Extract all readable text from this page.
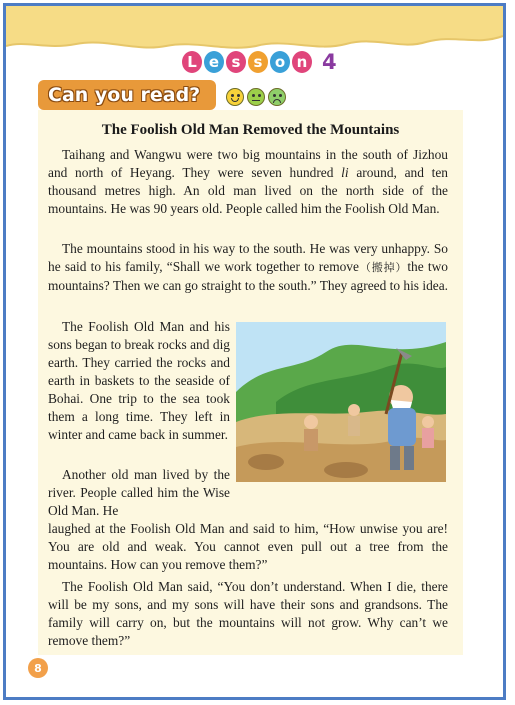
L e s s o n 4
Can you read?
The Foolish Old Man Removed the Mountains

Taihang and Wangwu were two big mountains in the south of Jizhou and north of Heyang. They were seven hundred li around, and ten thousand metres high. An old man lived on the north side of the mountains. He was 90 years old. People called him the Foolish Old Man.

The mountains stood in his way to the south. He was very unhappy. So he said to his family, “Shall we work together to remove（搬掉）the two mountains? Then we can go straight to the south.” They agreed to his idea.

The Foolish Old Man and his sons began to break rocks and dig earth. They carried the rocks and earth in baskets to the seaside of Bohai. One trip to the sea took them a long time. They left in winter and came back in summer.

Another old man lived by the river. People called him the Wise Old Man. He

laughed at the Foolish Old Man and said to him, “How unwise you are! You are old and weak. You cannot even pull out a tree from the mountains. How can you remove them?”

The Foolish Old Man said, “You don’t understand. When I die, there will be my sons, and my sons will have their sons and grandsons. The family will carry on, but the mountains will not grow. Why can’t we remove them?”

8
